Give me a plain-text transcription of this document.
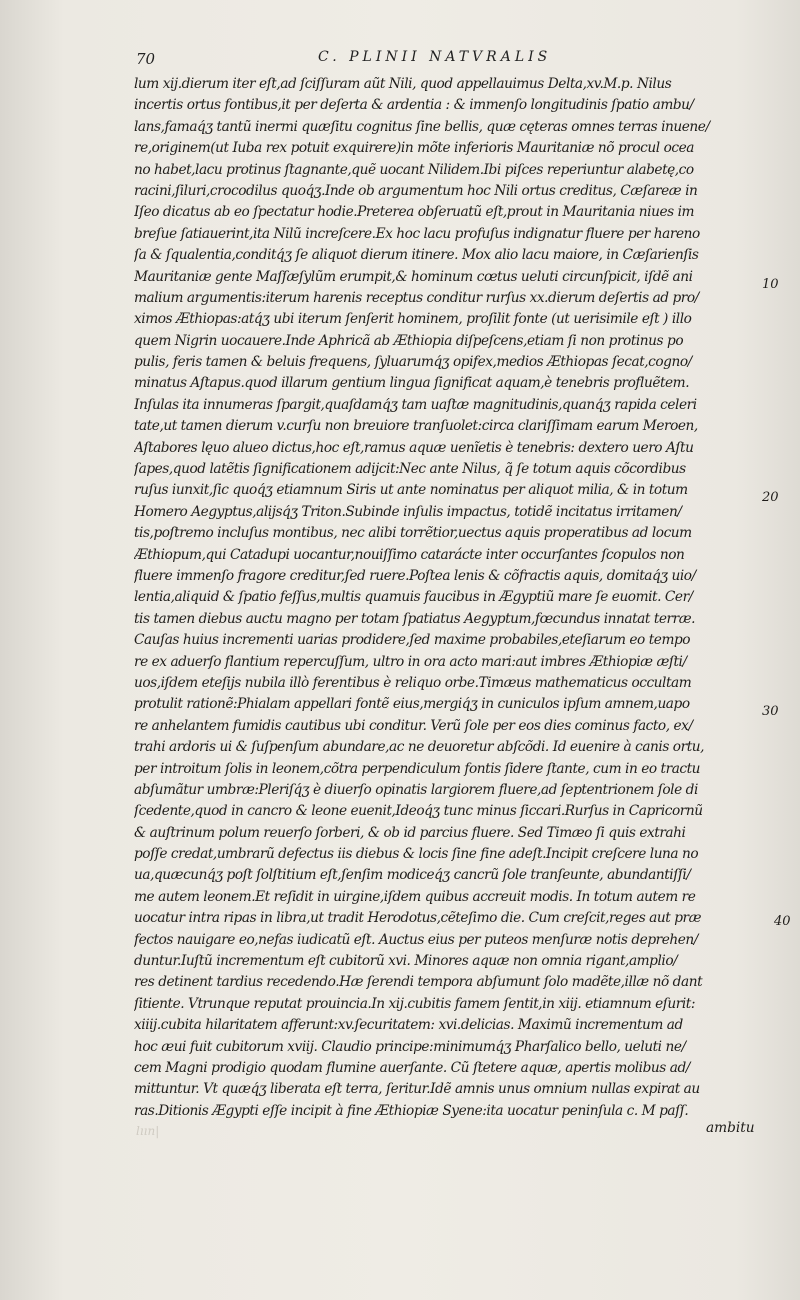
70	C. PLINII NATVRALIS
lum xij.dierum iter eſt,ad ſciſſuram aũt Nili, quod appellauimus Delta,xv.M.p. Nilus
incertis ortus fontibus,it per deſerta & ardentia : & immenſo longitudinis ſpatio ambu/
lans,famaq́ʒ tantũ inermi quæſitu cognitus ſine bellis, quæ cęteras omnes terras inuene/
re,originem(ut Iuba rex potuit exquirere)in mõte inferioris Mauritaniæ nõ procul ocea
no habet,lacu protinus ſtagnante,quẽ uocant Nilidem.Ibi piſces reperiuntur alabetę,co
racini,ſiluri,crocodilus quoq́ʒ.Inde ob argumentum hoc Nili ortus creditus, Cæſareæ in
Iſeo dicatus ab eo ſpectatur hodie.Preterea obſeruatũ eſt,prout in Mauritania niues im
breſue ſatiauerint,ita Nilũ increſcere.Ex hoc lacu profuſus indignatur fluere per hareno
ſa & ſqualentia,conditq́ʒ ſe aliquot dierum itinere. Mox alio lacu maiore, in Cæſarienſis
Mauritaniæ gente Maſſæſylũm erumpit,& hominum cœtus ueluti circunſpicit, iſdẽ ani
malium argumentis:iterum harenis receptus conditur rurſus xx.dierum deſertis ad pro/
ximos Æthiopas:atq́ʒ ubi iterum ſenſerit hominem, proſilit fonte (ut uerisimile eſt ) illo
quem Nigrin uocauere.Inde Aphricã ab Æthiopia diſpeſcens,etiam ſi non protinus po
pulis, feris tamen & beluis frequens, ſyluarumq́ʒ opifex,medios Æthiopas ſecat,cogno/
minatus Aſtapus.quod illarum gentium lingua ſignificat aquam,è tenebris profluẽtem.
Inſulas ita innumeras ſpargit,quaſdamq́ʒ tam uaſtæ magnitudinis,quanq́ʒ rapida celeri
tate,ut tamen dierum v.curſu non breuiore tranſuolet:circa clariſſimam earum Meroen,
Aſtabores lęuo alueo dictus,hoc eſt,ramus aquæ uenĩetis è tenebris: dextero uero Aſtu
ſapes,quod latẽtis ſignificationem adijcit:Nec ante Nilus, q̃ ſe totum aquis cõcordibus
ruſus iunxit,ſic quoq́ʒ etiamnum Siris ut ante nominatus per aliquot milia, & in totum
Homero Aegyptus,alijsq́ʒ Triton.Subinde inſulis impactus, totidẽ incitatus irritamen/
tis,poſtremo incluſus montibus, nec alibi torrẽtior,uectus aquis properatibus ad locum
Æthiopum,qui Catadupi uocantur,nouiſſimo catarácte inter occurſantes ſcopulos non
fluere immenſo fragore creditur,ſed ruere.Poſtea lenis & cõfractis aquis, domitaq́ʒ uio/
lentia,aliquid & ſpatio feſſus,multis quamuis faucibus in Ægyptiũ mare ſe euomit. Cer/
tis tamen diebus auctu magno per totam ſpatiatus Aegyptum,fœcundus innatat terræ.
Cauſas huius incrementi uarias prodidere,ſed maxime probabiles,eteſiarum eo tempo
re ex aduerſo flantium repercuſſum, ultro in ora acto mari:aut imbres Æthiopiæ æſti/
uos,iſdem eteſijs nubila illò ferentibus è reliquo orbe.Timæus mathematicus occultam
protulit rationẽ:Phialam appellari fontẽ eius,mergiq́ʒ in cuniculos ipſum amnem,uapo
re anhelantem fumidis cautibus ubi conditur. Verũ ſole per eos dies cominus facto, ex/
trahi ardoris ui & ſuſpenſum abundare,ac ne deuoretur abſcõdi. Id euenire à canis ortu,
per introitum ſolis in leonem,cõtra perpendiculum fontis ſidere ſtante, cum in eo tractu
abſumãtur umbræ:Pleriſq́ʒ è diuerſo opinatis largiorem fluere,ad ſeptentrionem ſole di
ſcedente,quod in cancro & leone euenit,Ideoq́ʒ tunc minus ſiccari.Rurſus in Capricornũ
& auſtrinum polum reuerſo ſorberi, & ob id parcius fluere. Sed Timæo ſi quis extrahi
poſſe credat,umbrarũ defectus iis diebus & locis ſine fine adeſt.Incipit creſcere luna no
ua,quæcunq́ʒ poſt ſolſtitium eſt,ſenſim modiceq́ʒ cancrũ ſole tranſeunte, abundantiſſi/
me autem leonem.Et reſidit in uirgine,iſdem quibus accreuit modis. In totum autem re
uocatur intra ripas in libra,ut tradit Herodotus,cẽteſimo die. Cum creſcit,reges aut præ
fectos nauigare eo,nefas iudicatũ eſt. Auctus eius per puteos menſuræ notis deprehen/
duntur.Iuſtũ incrementum eſt cubitorũ xvi. Minores aquæ non omnia rigant,amplio/
res detinent tardius recedendo.Hæ ſerendi tempora abſumunt ſolo madẽte,illæ nõ dant
ſitiente. Vtrunque reputat prouincia.In xij.cubitis famem ſentit,in xiij. etiamnum eſurit:
xiiij.cubita hilaritatem afferunt:xv.ſecuritatem: xvi.delicias. Maximũ incrementum ad
hoc æui fuit cubitorum xviij. Claudio principe:minimumq́ʒ Pharſalico bello, ueluti ne/
cem Magni prodigio quodam flumine auerſante. Cũ ſtetere aquæ, apertis molibus ad/
mittuntur. Vt quæq́ʒ liberata eſt terra, ſeritur.Idẽ amnis unus omnium nullas expirat au
ras.Ditionis Ægypti eſſe incipit à fine Æthiopiæ Syene:ita uocatur peninſula c. M paſſ.
10
20
30
40
lıın|	ambitu
